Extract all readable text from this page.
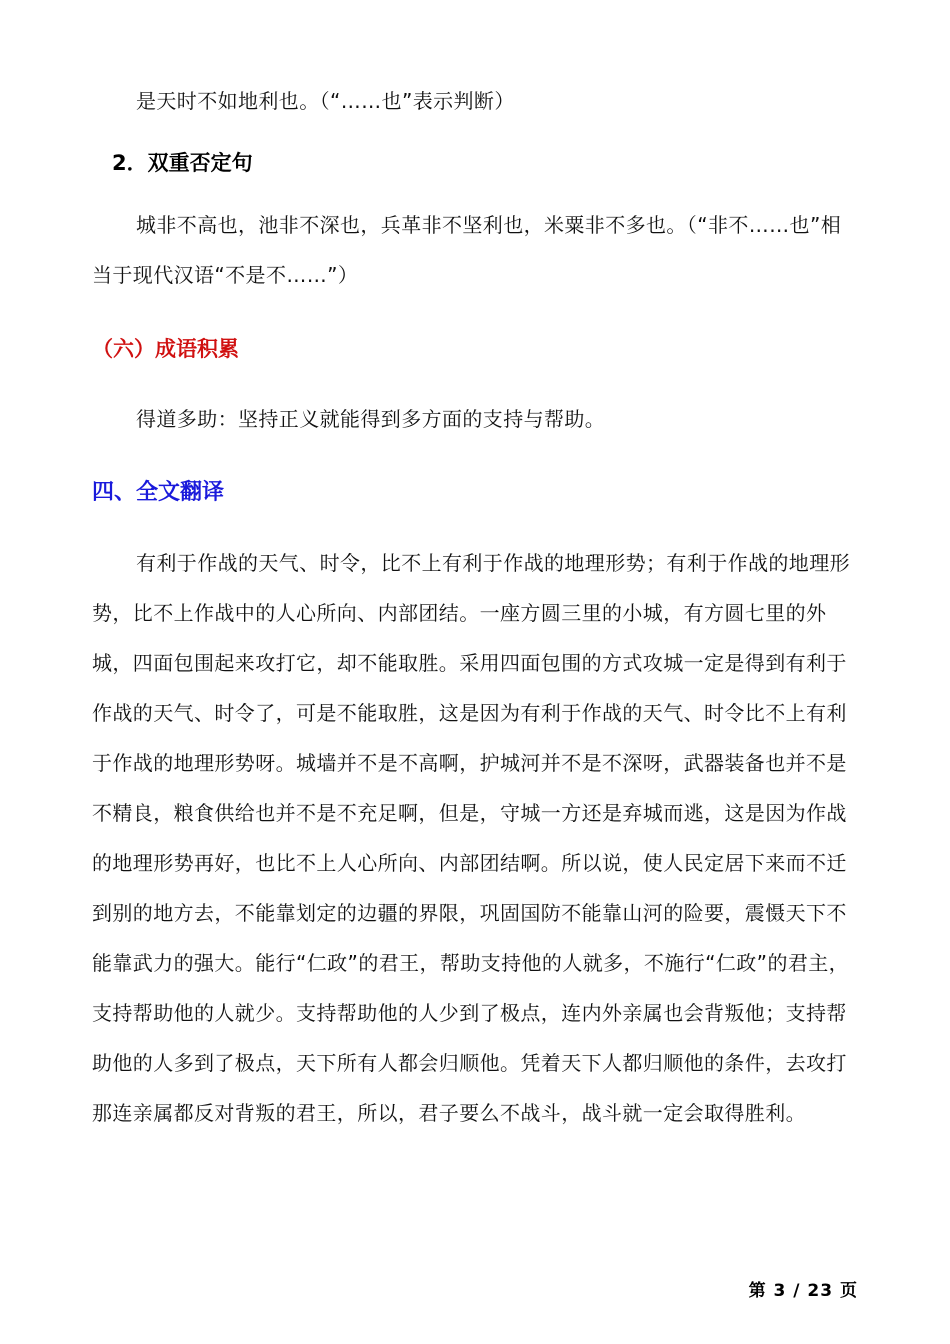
是天时不如地利也。（“……也”表示判断）

2．双重否定句

城非不高也，池非不深也，兵革非不坚利也，米粟非不多也。（“非不……也”相当于现代汉语“不是不……”）

（六）成语积累

得道多助：坚持正义就能得到多方面的支持与帮助。

四、全文翻译

有利于作战的天气、时令，比不上有利于作战的地理形势；有利于作战的地理形势，比不上作战中的人心所向、内部团结。一座方圆三里的小城，有方圆七里的外城，四面包围起来攻打它，却不能取胜。采用四面包围的方式攻城一定是得到有利于作战的天气、时令了，可是不能取胜，这是因为有利于作战的天气、时令比不上有利于作战的地理形势呀。城墙并不是不高啊，护城河并不是不深呀，武器装备也并不是不精良，粮食供给也并不是不充足啊，但是，守城一方还是弃城而逃，这是因为作战的地理形势再好，也比不上人心所向、内部团结啊。所以说，使人民定居下来而不迁到别的地方去，不能靠划定的边疆的界限，巩固国防不能靠山河的险要，震慑天下不能靠武力的强大。能行“仁政”的君王，帮助支持他的人就多，不施行“仁政”的君主，支持帮助他的人就少。支持帮助他的人少到了极点，连内外亲属也会背叛他；支持帮助他的人多到了极点，天下所有人都会归顺他。凭着天下人都归顺他的条件，去攻打那连亲属都反对背叛的君王，所以，君子要么不战斗，战斗就一定会取得胜利。

第 3 / 23 页
